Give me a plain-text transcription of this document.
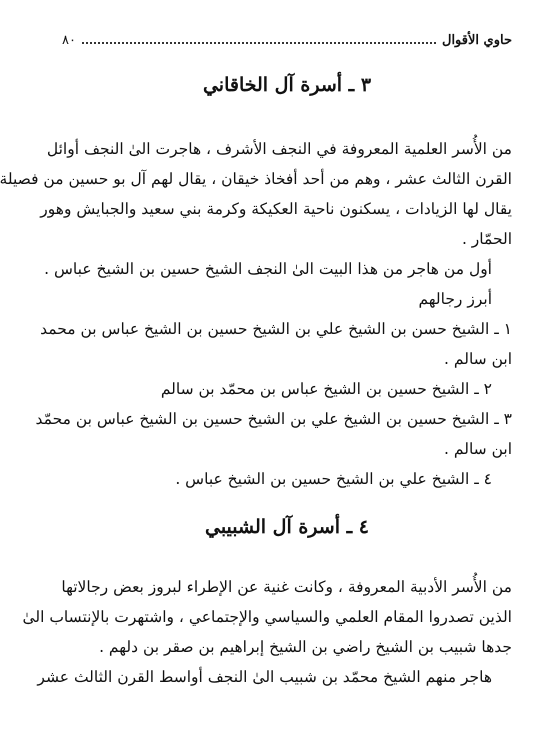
حاوي الأقوال
٨٠
٣ ـ أسرة آل الخاقاني
من الأُسر العلمية المعروفة في النجف الأشرف ، هاجرت الىٰ النجف أوائل
القرن الثالث عشر ، وهم من أحد أفخاذ خيقان ، يقال لهم آل بو حسين من فصيلة
يقال لها الزيادات ، يسكنون ناحية العكيكة وكرمة بني سعيد والجبايش وهور
الحمّار .
أول من هاجر من هذا البيت الىٰ النجف الشيخ حسين بن الشيخ عباس .
أبرز رجالهم
١ ـ الشيخ حسن بن الشيخ علي بن الشيخ حسين بن الشيخ عباس بن محمد
ابن سالم .
٢ ـ الشيخ حسين بن الشيخ عباس بن محمّد بن سالم
٣ ـ الشيخ حسين بن الشيخ علي بن الشيخ حسين بن الشيخ عباس بن محمّد
ابن سالم .
٤ ـ الشيخ علي بن الشيخ حسين بن الشيخ عباس .
٤ ـ أسرة آل الشبيبي
من الأُسر الأدبية المعروفة ، وكانت غنية عن الإطراء لبروز بعض رجالاتها
الذين تصدروا المقام العلمي والسياسي والإجتماعي ، واشتهرت بالإنتساب الىٰ
جدها شبيب بن الشيخ راضي بن الشيخ إبراهيم بن صقر بن دلهم .
هاجر منهم الشيخ محمّد بن شبيب الىٰ النجف أواسط القرن الثالث عشر
